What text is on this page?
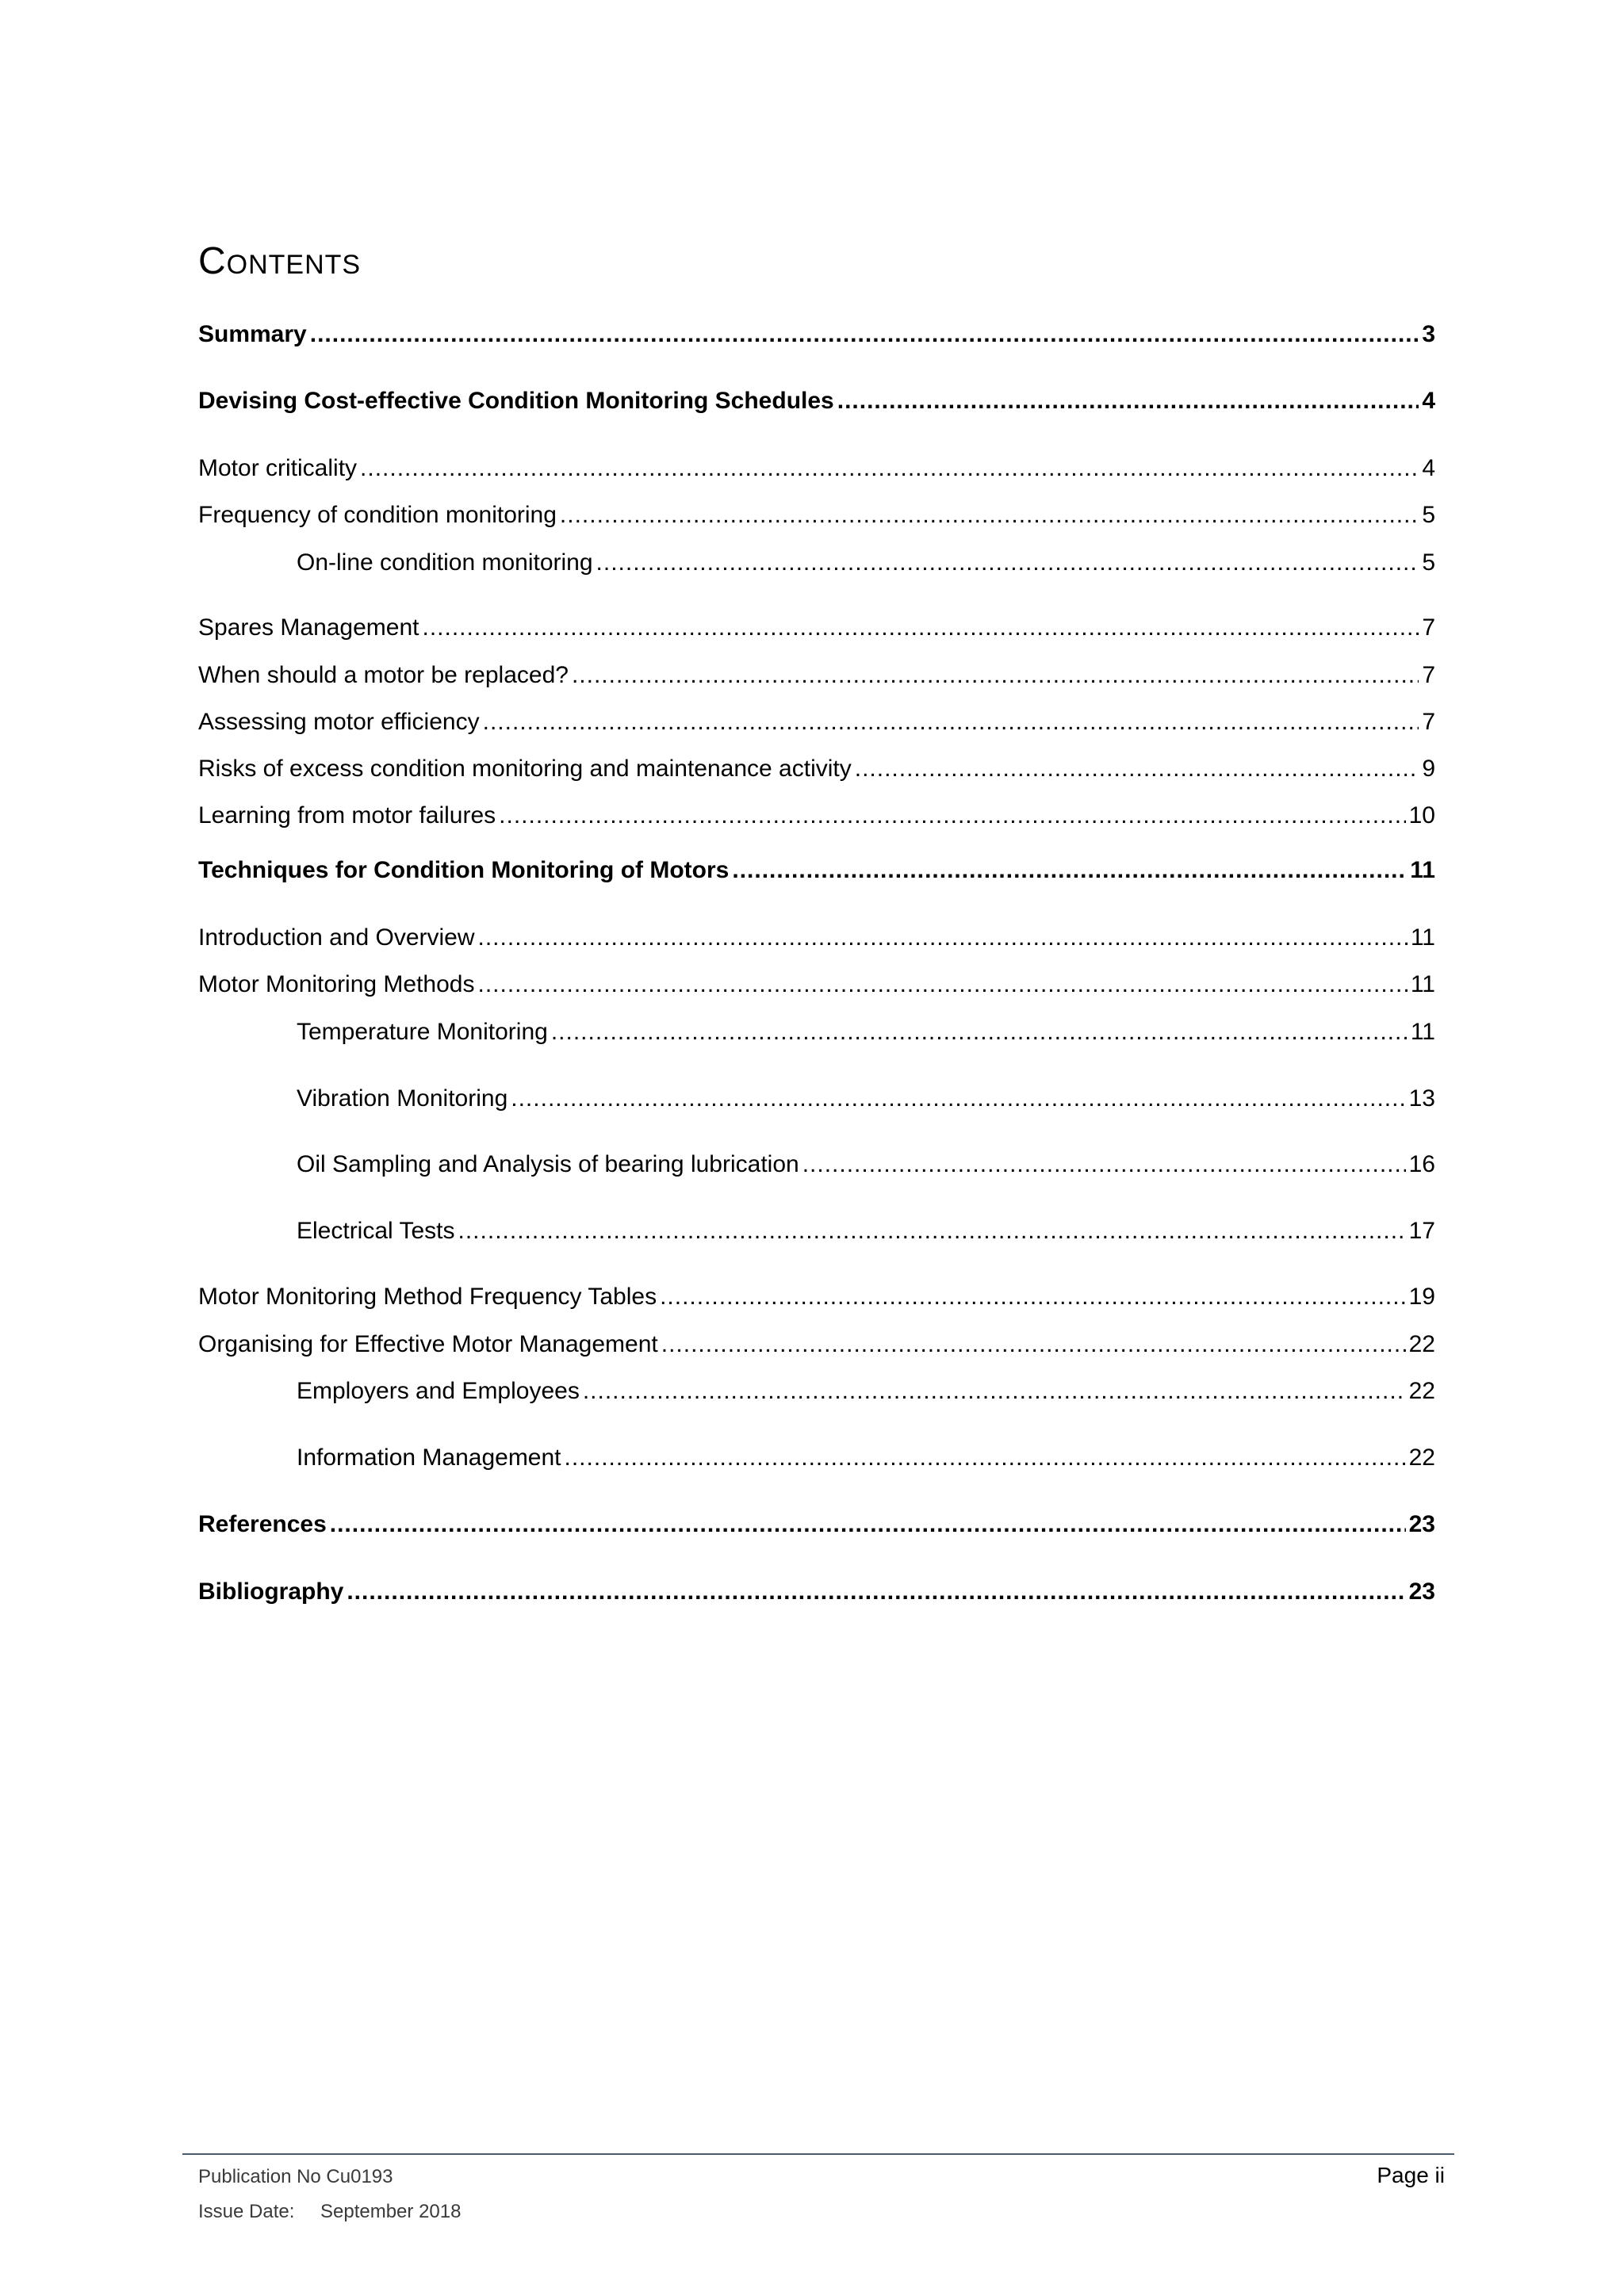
Contents
Summary .....	3
Devising Cost-effective Condition Monitoring Schedules .....	4
Motor criticality .....	4
Frequency of condition monitoring .....	5
On-line condition monitoring .....	5
Spares Management .....	7
When should a motor be replaced? .....	7
Assessing motor efficiency .....	7
Risks of excess condition monitoring and maintenance activity .....	9
Learning from motor failures .....	10
Techniques for Condition Monitoring of Motors .....	11
Introduction and Overview .....	11
Motor Monitoring Methods .....	11
Temperature Monitoring .....	11
Vibration Monitoring .....	13
Oil Sampling and Analysis of bearing lubrication .....	16
Electrical Tests .....	17
Motor Monitoring Method Frequency Tables .....	19
Organising for Effective Motor Management .....	22
Employers and Employees .....	22
Information Management .....	22
References .....	23
Bibliography .....	23
Publication No Cu0193
Issue Date: September 2018
Page ii
